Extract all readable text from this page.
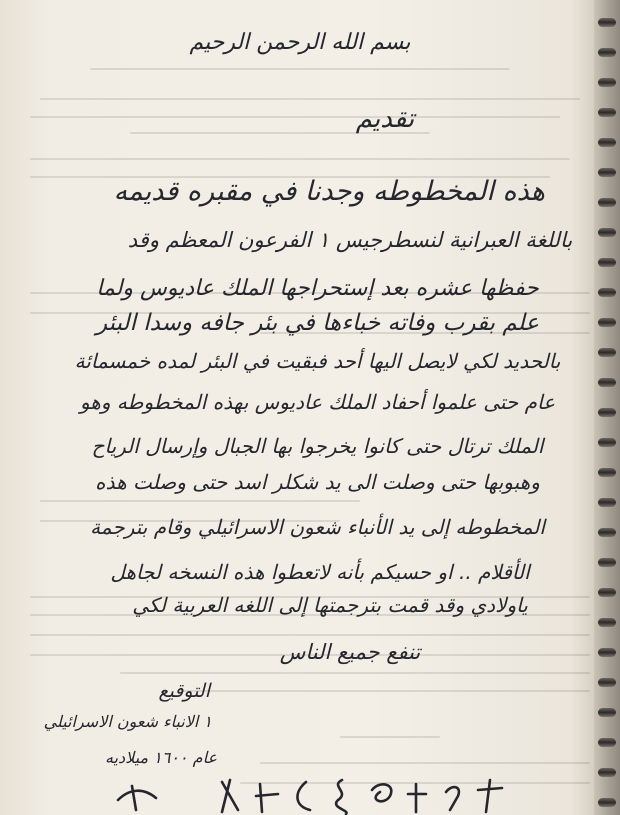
بسم الله الرحمن الرحيم
تقديم
هذه المخطوطه وجدنا في مقبره قديمه
باللغة العبرانية لنسطرجيس ١ الفرعون المعظم وقد
حفظها عشره بعد إستحراجها الملك عاديوس ولما
علم بقرب وفاته خباءها في بئر جافه وسدا البئر
بالحديد لكي لايصل اليها أحد فبقيت في البئر لمده خمسمائة
عام حتى علموا أحفاد الملك عاديوس بهذه المخطوطه وهو
الملك ترتال حتى كانوا يخرجوا بها الجبال وإرسال الرياح
وهبوبها حتى وصلت الى يد شكلر اسد حتى وصلت هذه
المخطوطه إلى يد الأنباء شعون الاسرائيلي وقام بترجمة
الأقلام .. او حسيكم بأنه لاتعطوا هذه النسخه لجاهل
ياولادي وقد قمت بترجمتها إلى اللغه العربية لكي
تنفع جميع الناس
التوقيع
١ الانباء شعون الاسرائيلي
عام ١٦٠٠ ميلاديه
